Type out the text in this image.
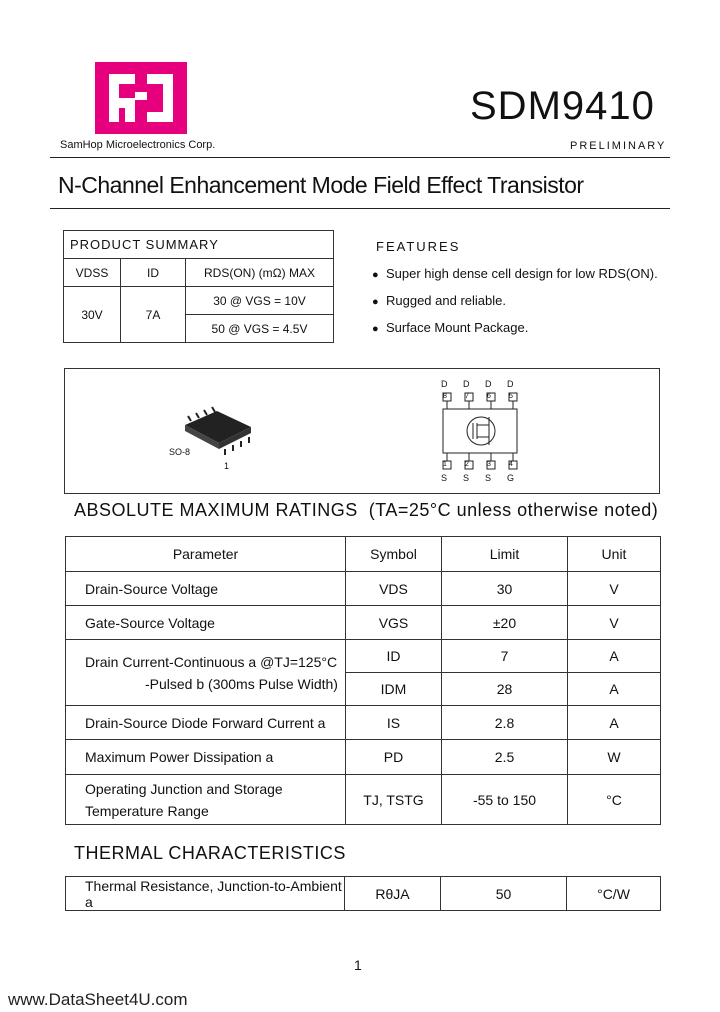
SamHop Microelectronics Corp.
SDM9410
PRELIMINARY
N-Channel Enhancement Mode Field Effect Transistor
PRODUCT SUMMARY		
VDSS	ID	RDS(ON) (mΩ) MAX
30V	7A	30 @ VGS = 10V
		50 @ VGS = 4.5V
FEATURES
● Super high dense cell design for low RDS(ON).
● Rugged and reliable.
● Surface Mount Package.
SO-8
1
D D D D
8	7	6	5
1	2	3	4
S S S G
ABSOLUTE MAXIMUM RATINGS (TA=25°C unless otherwise noted)
Parameter	Symbol	Limit	Unit
Drain-Source Voltage	VDS	30	V
Gate-Source Voltage	VGS	±20	V

Drain Current-Continuous a @TJ=125°C
-Pulsed b (300ms Pulse Width)	ID	7	A
	IDM	28	A
Drain-Source Diode Forward Current a	IS	2.8	A
Maximum Power Dissipation a	PD	2.5	W

Operating Junction and Storage
Temperature Range	TJ, TSTG	-55 to 150	°C
THERMAL CHARACTERISTICS
Thermal Resistance, Junction-to-Ambient a	RθJA	50	°C/W
1
www.DataSheet4U.com
